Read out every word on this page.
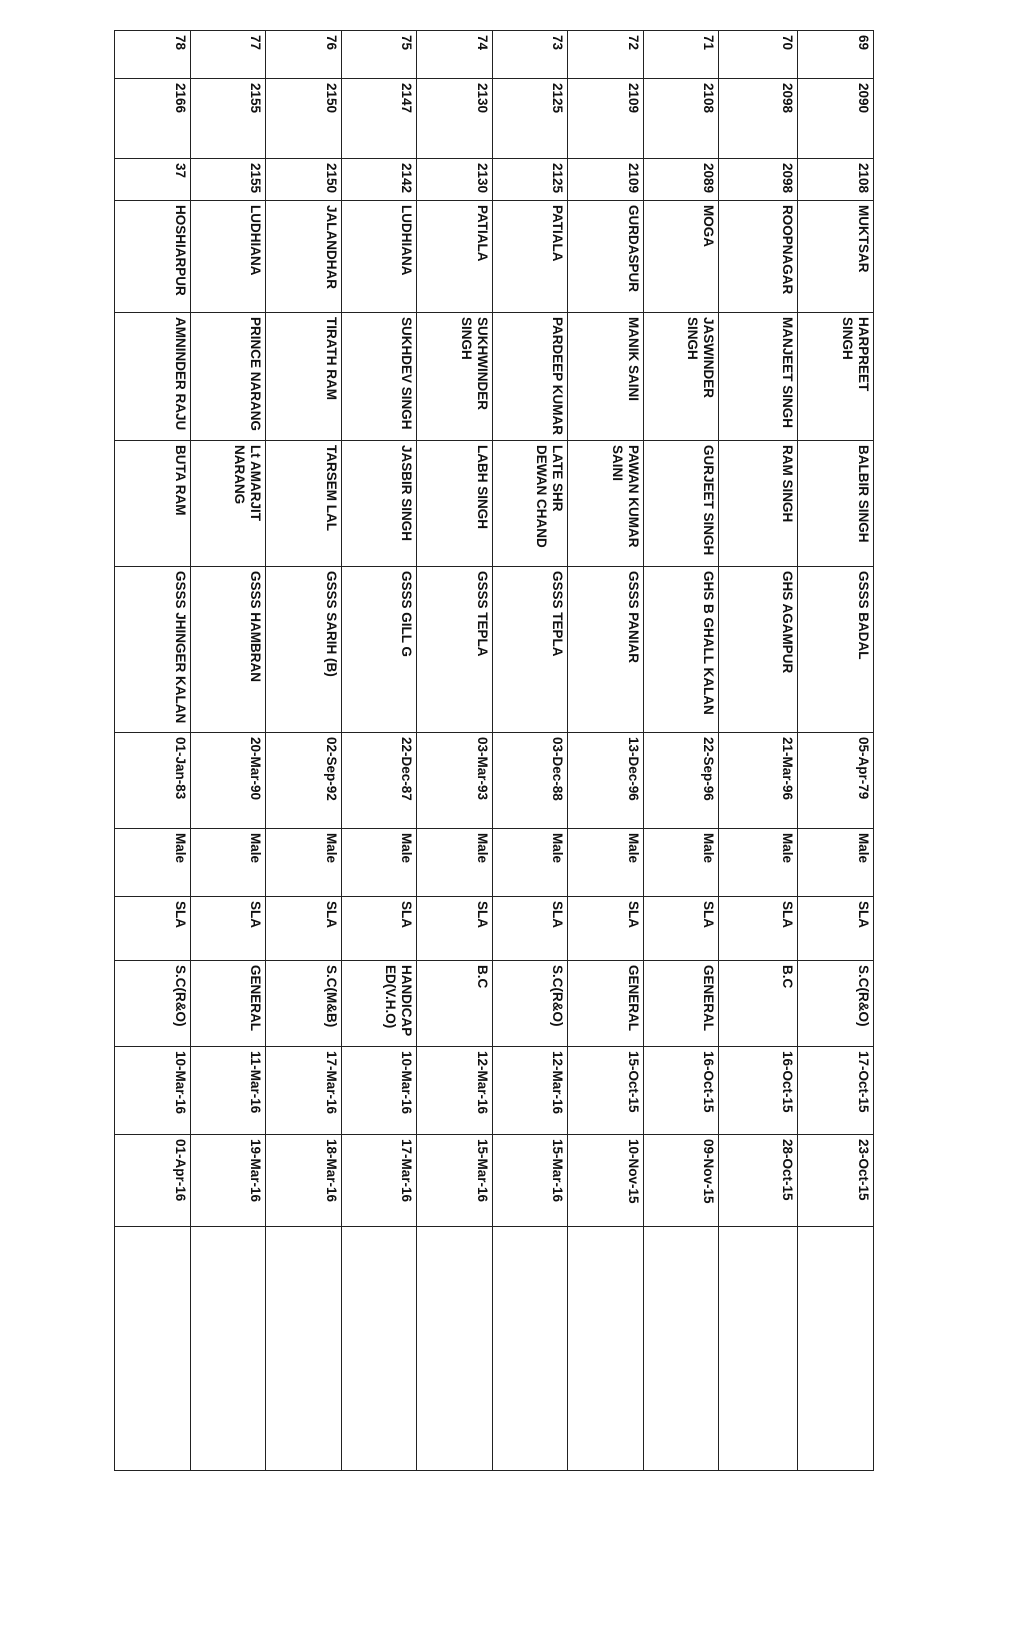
69	2090	2108	MUKTSAR	HARPREET SINGH	BALBIR SINGH	GSSS BADAL	05-Apr-79	Male	SLA	S.C(R&O)	17-Oct-15	23-Oct-15	
70	2098	2098	ROOPNAGAR	MANJEET SINGH	RAM SINGH	GHS AGAMPUR	21-Mar-96	Male	SLA	B.C	16-Oct-15	28-Oct-15	
71	2108	2089	MOGA	JASWINDER SINGH	GURJEET SINGH	GHS B GHALL KALAN	22-Sep-96	Male	SLA	GENERAL	16-Oct-15	09-Nov-15	
72	2109	2109	GURDASPUR	MANIK SAINI	PAWAN KUMAR SAINI	GSSS PANIAR	13-Dec-96	Male	SLA	GENERAL	15-Oct-15	10-Nov-15	
73	2125	2125	PATIALA	PARDEEP KUMAR	LATE SHR DEWAN CHAND	GSSS TEPLA	03-Dec-88	Male	SLA	S.C(R&O)	12-Mar-16	15-Mar-16	
74	2130	2130	PATIALA	SUKHWINDER SINGH	LABH SINGH	GSSS TEPLA	03-Mar-93	Male	SLA	B.C	12-Mar-16	15-Mar-16	
75	2147	2142	LUDHIANA	SUKHDEV SINGH	JASBIR SINGH	GSSS GILL G	22-Dec-87	Male	SLA	HANDICAP ED(V.H.O)	10-Mar-16	17-Mar-16	
76	2150	2150	JALANDHAR	TIRATH RAM	TARSEM LAL	GSSS SARIH (B)	02-Sep-92	Male	SLA	S.C(M&B)	17-Mar-16	18-Mar-16	
77	2155	2155	LUDHIANA	PRINCE NARANG	Lt AMARJIT NARANG	GSSS HAMBRAN	20-Mar-90	Male	SLA	GENERAL	11-Mar-16	19-Mar-16	
78	2166	37	HOSHIARPUR	AMNINDER RAJU	BUTA RAM	GSSS JHINGER KALAN	01-Jan-83	Male	SLA	S.C(R&O)	10-Mar-16	01-Apr-16	
